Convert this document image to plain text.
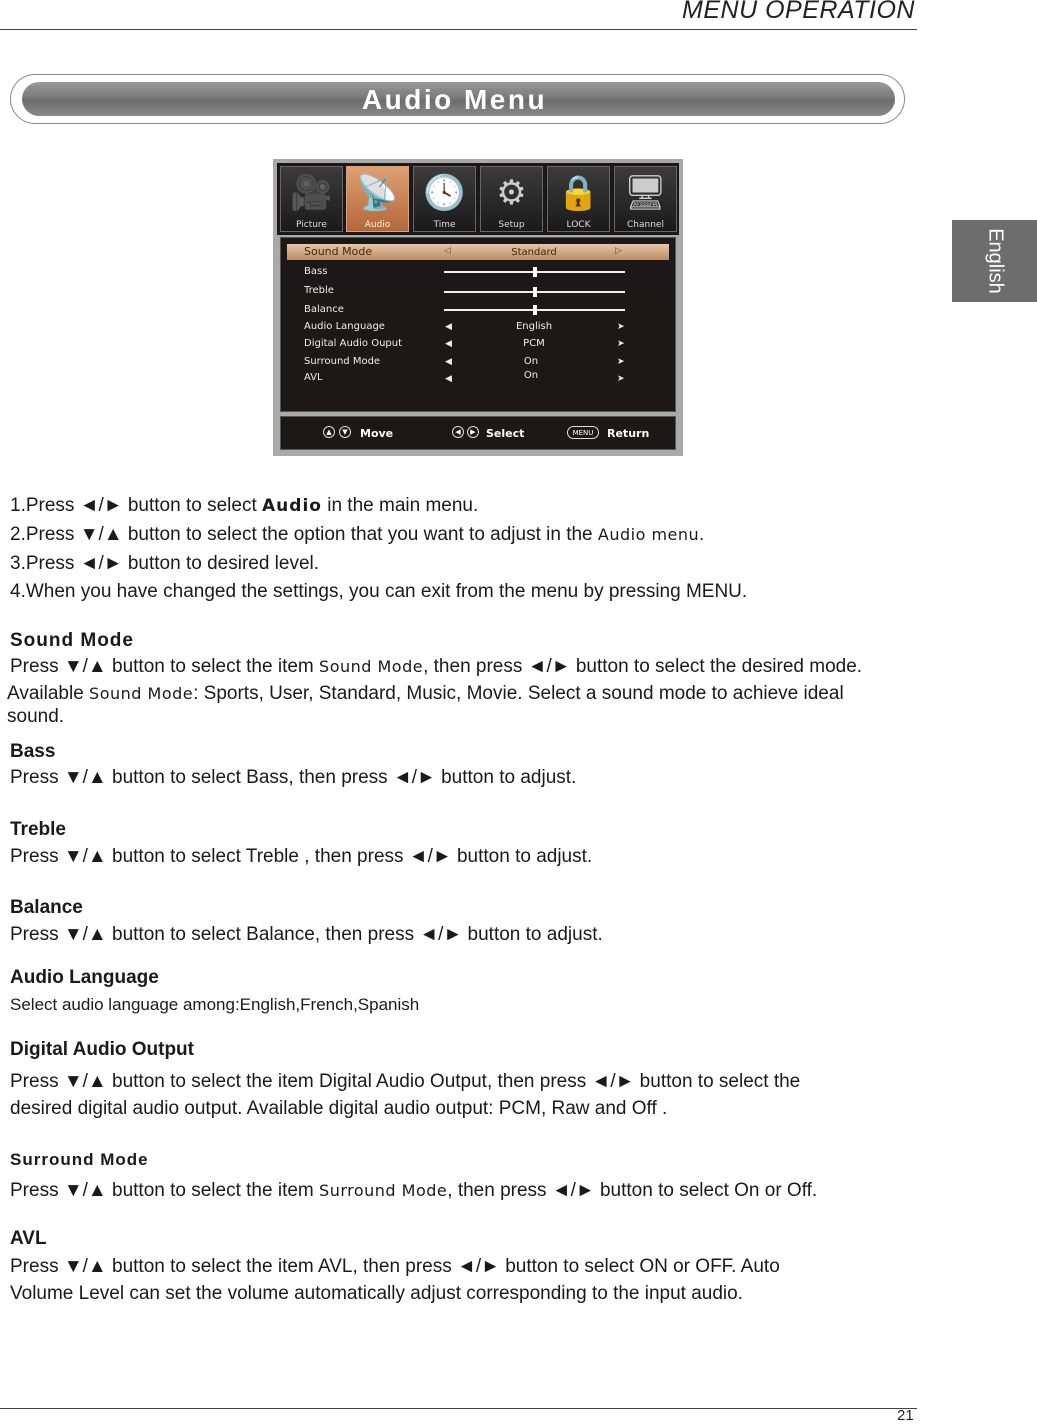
MENU OPERATION
Audio Menu
English
🎥
Picture
📡
Audio
🕓
Time
⚙
Setup
🔒
LOCK
🖥
Channel
Sound Mode	◁	Standard	▷
Bass
Treble
Balance
Audio Language	◀	English	➤
Digital Audio Ouput	◀	PCM	➤
Surround Mode	◀	On	➤
AVL	◀	On	➤
▲	▼	Move	◀	▶ Select	MENU	Return
1.Press ◄/► button to select Audio in the main menu.
2.Press ▼/▲ button to select the option that you want to adjust in the Audio menu.
3.Press ◄/► button to desired level.
4.When you have changed the settings, you can exit from the menu by pressing MENU.
Sound Mode
Press ▼/▲ button to select the item Sound Mode, then press ◄/► button to select the desired mode.
Available Sound Mode: Sports, User, Standard, Music, Movie. Select a sound mode to achieve ideal
sound.
Bass
Press ▼/▲ button to select Bass, then press ◄/► button to adjust.
Treble
Press ▼/▲ button to select Treble , then press ◄/► button to adjust.
Balance
Press ▼/▲ button to select Balance, then press ◄/► button to adjust.
Audio Language
Select audio language among:English,French,Spanish
Digital Audio Output
Press ▼/▲ button to select the item Digital Audio Output, then press ◄/► button to select the
desired digital audio output. Available digital audio output: PCM, Raw and Off .
Surround Mode
Press ▼/▲ button to select the item Surround Mode, then press ◄/► button to select On or Off.
AVL
Press ▼/▲ button to select the item AVL, then press ◄/► button to select ON or OFF. Auto
Volume Level can set the volume automatically adjust corresponding to the input audio.
21
